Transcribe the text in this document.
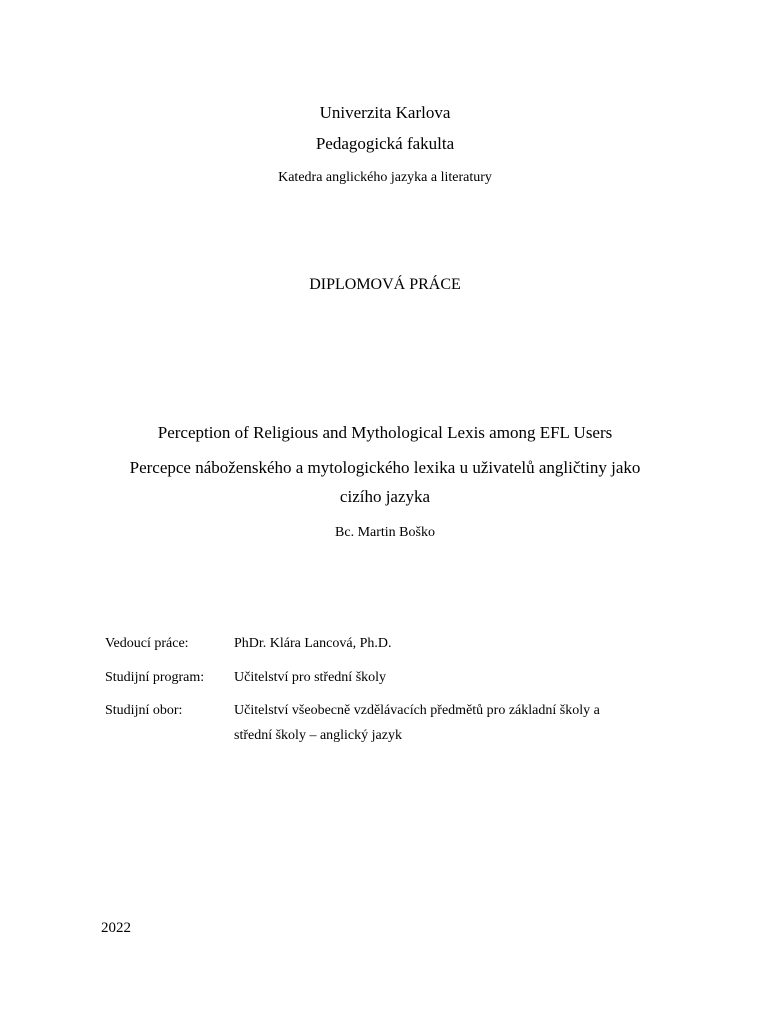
Univerzita Karlova
Pedagogická fakulta
Katedra anglického jazyka a literatury
DIPLOMOVÁ PRÁCE
Perception of Religious and Mythological Lexis among EFL Users
Percepce náboženského a mytologického lexika u uživatelů angličtiny jako
cizího jazyka
Bc. Martin Boško
Vedoucí práce:	PhDr. Klára Lancová, Ph.D.
Studijní program: Učitelství pro střední školy
Studijní obor:	Učitelství všeobecně vzdělávacích předmětů pro základní školy a
střední školy – anglický jazyk
2022
